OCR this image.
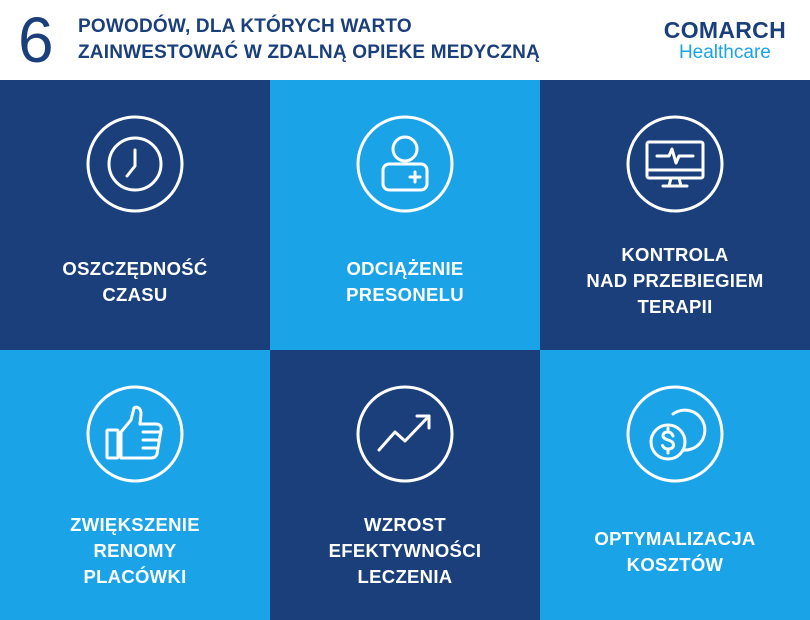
6 POWODÓW, DLA KTÓRYCH WARTO
ZAINWESTOWAĆ W ZDALNĄ OPIEKE MEDYCZNĄ
COMARCH
Healthcare
OSZCZĘDNOŚĆ
CZASU
ODCIĄŻENIE
PRESONELU
KONTROLA
NAD PRZEBIEGIEM
TERAPII
ZWIĘKSZENIE
RENOMY
PLACÓWKI
WZROST
EFEKTYWNOŚCI
LECZENIA
OPTYMALIZACJA
KOSZTÓW
